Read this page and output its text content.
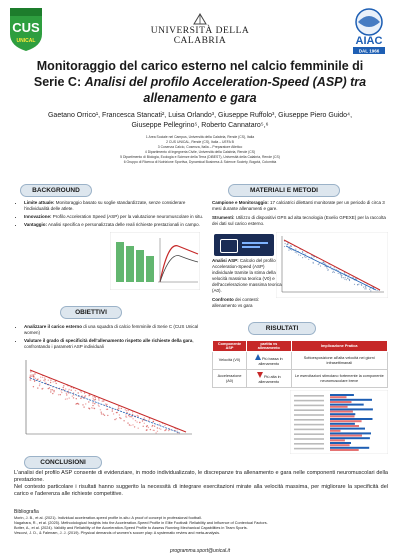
CUS
UNICAL
UNIVERSITÀ DELLA
CALABRIA	AIAC
DAL 1966
Monitoraggio del carico esterno nel calcio femminile di
Serie C: Analisi del profilo Acceleration-Speed (ASP) tra
allenamento e gara
Gaetano Orrico¹, Francesca Stancati², Luisa Orlando³, Giuseppe Ruffolo³, Giuseppe Piero Guido⁴,
Giuseppe Pellegrino⁵, Roberto Cannataro⁵,⁶
1 Area Sociale nel Campus, Università della Calabria, Rende (CS), Italia
2 CUS UNICAL, Rende (CS), Italia – UEFA B
3 Cosenza Calcio, Cosenza, Italia – Preparatore Atletico
4 Dipartimento di Ingegneria Civile, Università della Calabria, Rende (CS)
5 Dipartimento di Biologia, Ecologia e Scienze della Terra (DiBEST), Università della Calabria, Rende (CS)
6 Gruppo di Ricerca di Nutrizione Sportiva, Dynamical Business & Science Society, Bogotà, Colombia
BACKGROUND
• Limite attuale: Monitoraggio basato su soglie standardizzate, senze considerare l'individualità delle atlete.
• Innovazione: Profilo Acceleration Speed (ASP) per la valutazione neuromuscolare in situ.
• Vantaggio: Analisi specifica e personalizzata delle reali richieste prestazionali in campo.
OBIETTIVI
• Analizzare il carico esterno di una squadra di calcio femminile di Serie C (CUS Unical women)
• Valutare il grado di specificità dell'allenamento rispetto alle richieste della gara, confrontando i parametri ASP individuali
MATERIALI E METODI

Campione e Monitoraggio: 17 calciatrici dilettanti monitorate per un periodo di circa 3 mesi durante allenamenti e gare.

Strumenti: Utilizzo di dispositivi GPS ad alta tecnologia (Exelio GPEXE) per la raccolta dei dati sul carico esterno.

Analisi ASP: Calcolo del profilo Acceleration-Speed (ASP) individuale tramite la stima della velocità massima teorica (V0) e dell'accelerazione massima teorica (A0).

Confronto dei contesti: allenamento vs gara

RISULTATI
Componente ASP	partita vs allenamento	Implicazione Pratica
Velocità (V0)	Più bassa in allenamento	Sottoesposizione all'alta velocità nei giorni infrasettimanali
Accelerazione (A0)	Più alta in allenamento	Le esercitazioni stimolano fortemente la componente neuromuscolare breve
CONCLUSIONI
L'analisi del profilo ASP consente di evidenziare, in modo individualizzato, le discrepanze tra allenamento e gara nelle componenti neuromuscolari della prestazione.
Nel contesto particolare i risultati hanno suggerito la necessità di integrare esercitazioni mirate alla velocità massima, per migliorare la specificità del carico e l'aderenza alle richieste competitive.
Bibliografia
Morin, J. B., et al. (2021). Individual acceleration-speed profile in-situ: A proof of concept in professional football.
Nagahara, R., et al. (2025). Methodological Insights Into the Acceleration-Speed Profile in Elite Football: Reliability and Influence of Contextual Factors.
Botter, A., et al. (2024). Validity and Reliability of the Acceleration-Speed Profile to Assess Running Mechanical Capabilities in Team Sports.
Vescovi, J. D., & Falenam, J. J. (2019). Physical demands of women's soccer play: A systematic review and meta-analysis.
programma.sport@unical.it
